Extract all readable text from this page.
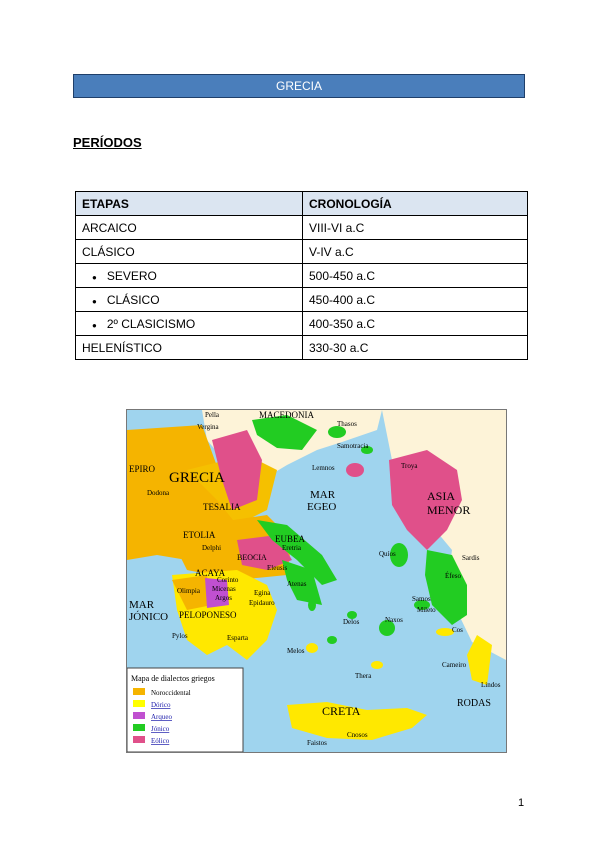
GRECIA
PERÍODOS
ETAPAS	CRONOLOGÍA
ARCAICO	VIII-VI a.C
CLÁSICO	V-IV a.C
● SEVERO	500-450 a.C
● CLÁSICO	450-400 a.C
● 2º CLASICISMO	400-350 a.C
HELENÍSTICO	330-30 a.C
GRECIA
MAR
EGEO
ASIA
MENOR
MAR
JÓNICO
CRETA
RODAS
EPIRO
TESALIA
ETOLIA	EUBEA
ACAYA
PELOPONESO
BEOCIA
MACEDONIA
Pella
Vergina	Thasos
Samotracia
Lemnos	Troya
Dodona
Delphi
Corinto
Micenas
Argos
Olimpia
Esparta
Pylos
Eretria
Eleusis
Atenas
Egina
Epidauro
Sardis
Quíos
Éfeso
Samos
Mileto
Delos	Naxos
Melos
Thera
Cos
Cameiro
Lindos
Cnosos
Faistos
Mapa de dialectos griegos
Noroccidental
Dórico
Arqueo
Jónico
Eólico
1
